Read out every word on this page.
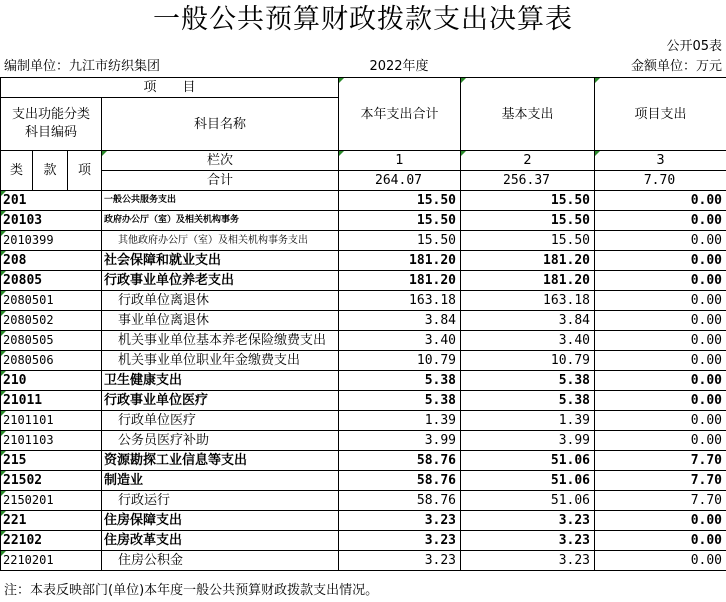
一般公共预算财政拨款支出决算表
公开05表
编制单位：九江市纺织集团	2022年度	金额单位：万元
项　　目				本年支出合计	基本支出	项目支出
支出功能分类
科目编码			科目名称			

类	款	项	栏次	1	2	3
			合计	264.07	256.37	7.70
201			一般公共服务支出	15.50	15.50	0.00
20103			政府办公厅（室）及相关机构事务	15.50	15.50	0.00
2010399			其他政府办公厅（室）及相关机构事务支出	15.50	15.50	0.00
208			社会保障和就业支出	181.20	181.20	0.00
20805			行政事业单位养老支出	181.20	181.20	0.00
2080501			行政单位离退休	163.18	163.18	0.00
2080502			事业单位离退休	3.84	3.84	0.00
2080505			机关事业单位基本养老保险缴费支出	3.40	3.40	0.00
2080506			机关事业单位职业年金缴费支出	10.79	10.79	0.00
210			卫生健康支出	5.38	5.38	0.00
21011			行政事业单位医疗	5.38	5.38	0.00
2101101			行政单位医疗	1.39	1.39	0.00
2101103			公务员医疗补助	3.99	3.99	0.00
215			资源勘探工业信息等支出	58.76	51.06	7.70
21502			制造业	58.76	51.06	7.70
2150201			行政运行	58.76	51.06	7.70
221			住房保障支出	3.23	3.23	0.00
22102			住房改革支出	3.23	3.23	0.00
2210201			住房公积金	3.23	3.23	0.00
注：本表反映部门(单位)本年度一般公共预算财政拨款支出情况。
